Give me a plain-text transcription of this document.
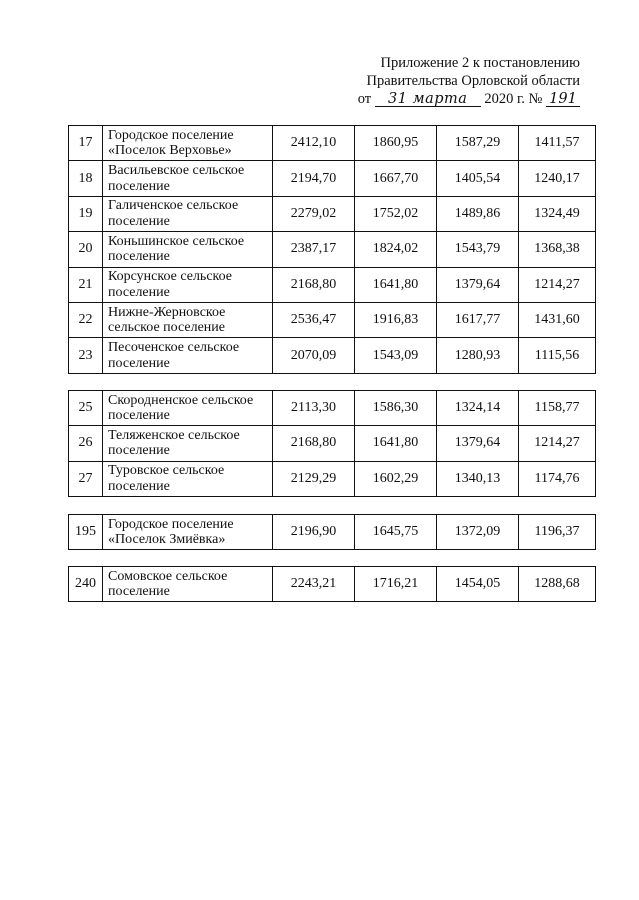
Приложение 2 к постановлению
Правительства Орловской области
от 31 марта 2020 г. № 191
17	Городское поселение «Поселок Верховье»	2412,10	1860,95	1587,29	1411,57
18	Васильевское сельское поселение	2194,70	1667,70	1405,54	1240,17
19	Галиченское сельское поселение	2279,02	1752,02	1489,86	1324,49
20	Коньшинское сельское поселение	2387,17	1824,02	1543,79	1368,38
21	Корсунское сельское поселение	2168,80	1641,80	1379,64	1214,27
22	Нижне-Жерновское сельское поселение	2536,47	1916,83	1617,77	1431,60
23	Песоченское сельское поселение	2070,09	1543,09	1280,93	1115,56
25	Скородненское сельское поселение	2113,30	1586,30	1324,14	1158,77
26	Теляженское сельское поселение	2168,80	1641,80	1379,64	1214,27
27	Туровское сельское поселение	2129,29	1602,29	1340,13	1174,76
195	Городское поселение «Поселок Змиёвка»	2196,90	1645,75	1372,09	1196,37
240	Сомовское сельское поселение	2243,21	1716,21	1454,05	1288,68
